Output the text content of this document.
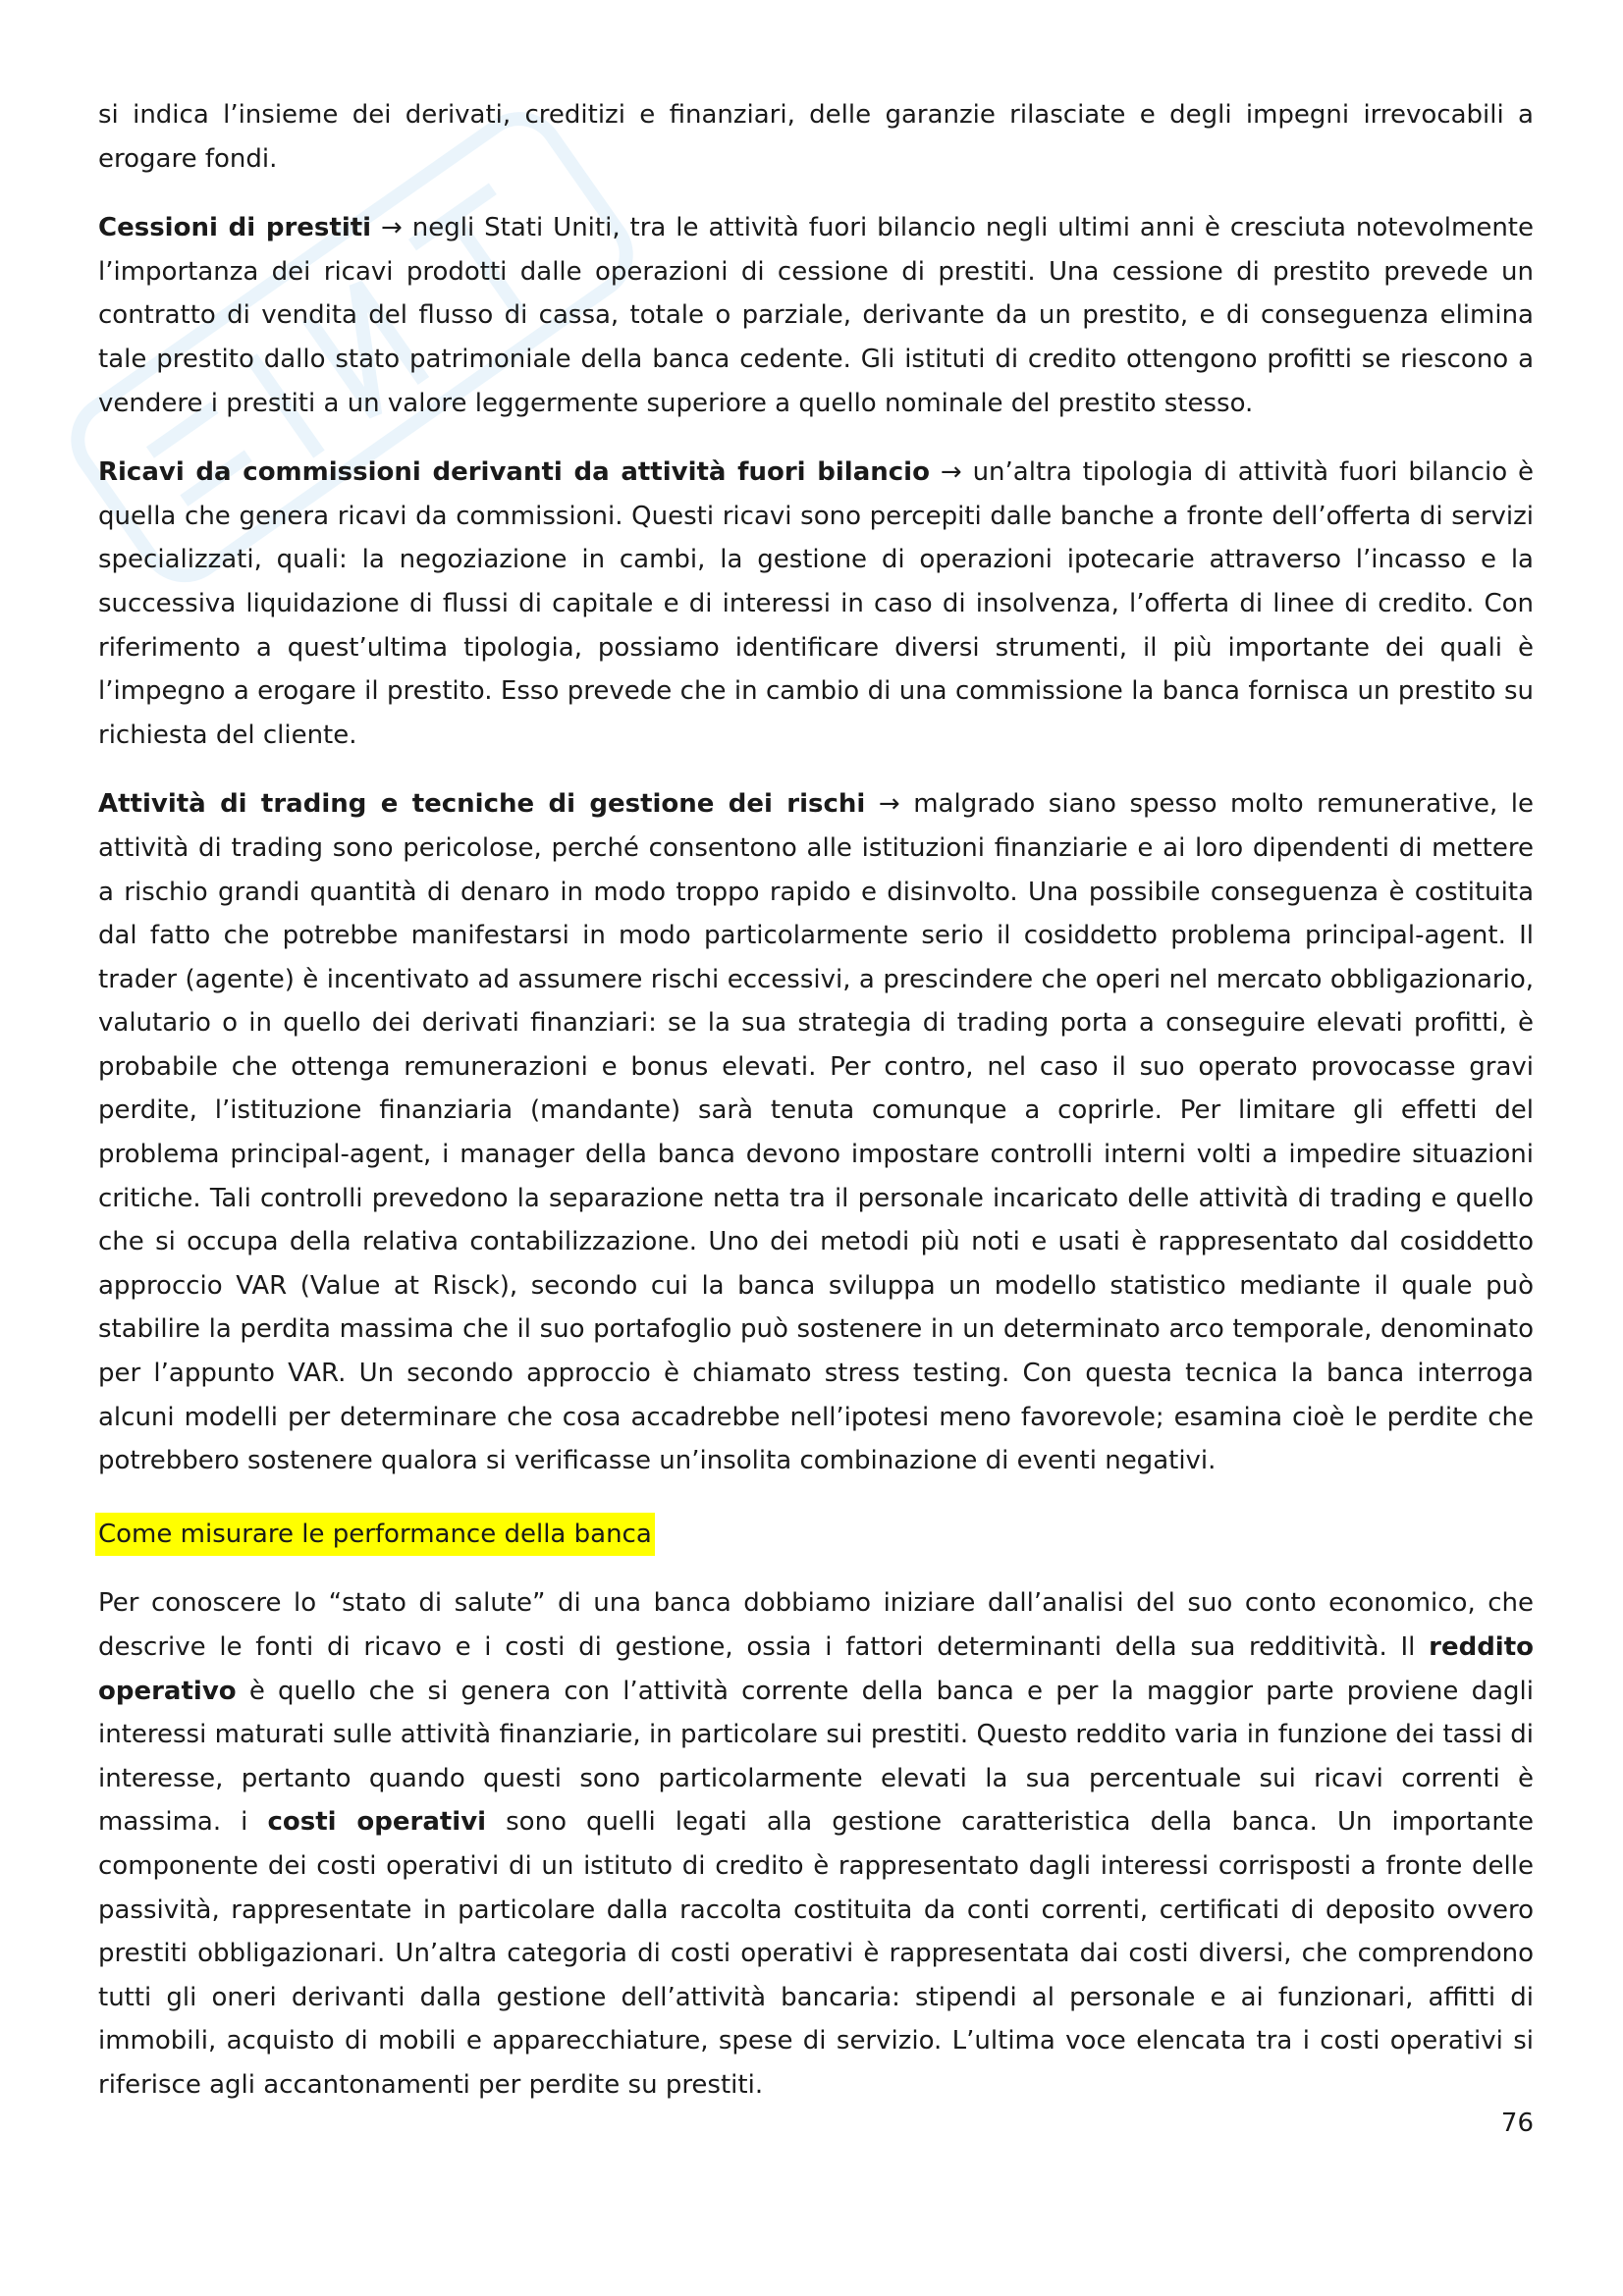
si indica l’insieme dei derivati, creditizi e finanziari, delle garanzie rilasciate e degli impegni irrevocabili a erogare fondi.

Cessioni di prestiti → negli Stati Uniti, tra le attività fuori bilancio negli ultimi anni è cresciuta notevolmente l’importanza dei ricavi prodotti dalle operazioni di cessione di prestiti. Una cessione di prestito prevede un contratto di vendita del flusso di cassa, totale o parziale, derivante da un prestito, e di conseguenza elimina tale prestito dallo stato patrimoniale della banca cedente. Gli istituti di credito ottengono profitti se riescono a vendere i prestiti a un valore leggermente superiore a quello nominale del prestito stesso.

Ricavi da commissioni derivanti da attività fuori bilancio → un’altra tipologia di attività fuori bilancio è quella che genera ricavi da commissioni. Questi ricavi sono percepiti dalle banche a fronte dell’offerta di servizi specializzati, quali: la negoziazione in cambi, la gestione di operazioni ipotecarie attraverso l’incasso e la successiva liquidazione di flussi di capitale e di interessi in caso di insolvenza, l’offerta di linee di credito. Con riferimento a quest’ultima tipologia, possiamo identificare diversi strumenti, il più importante dei quali è l’impegno a erogare il prestito. Esso prevede che in cambio di una commissione la banca fornisca un prestito su richiesta del cliente.

Attività di trading e tecniche di gestione dei rischi → malgrado siano spesso molto remunerative, le attività di trading sono pericolose, perché consentono alle istituzioni finanziarie e ai loro dipendenti di mettere a rischio grandi quantità di denaro in modo troppo rapido e disinvolto. Una possibile conseguenza è costituita dal fatto che potrebbe manifestarsi in modo particolarmente serio il cosiddetto problema principal-agent. Il trader (agente) è incentivato ad assumere rischi eccessivi, a prescindere che operi nel mercato obbligazionario, valutario o in quello dei derivati finanziari: se la sua strategia di trading porta a conseguire elevati profitti, è probabile che ottenga remunerazioni e bonus elevati. Per contro, nel caso il suo operato provocasse gravi perdite, l’istituzione finanziaria (mandante) sarà tenuta comunque a coprirle. Per limitare gli effetti del problema principal-agent, i manager della banca devono impostare controlli interni volti a impedire situazioni critiche. Tali controlli prevedono la separazione netta tra il personale incaricato delle attività di trading e quello che si occupa della relativa contabilizzazione. Uno dei metodi più noti e usati è rappresentato dal cosiddetto approccio VAR (Value at Risck), secondo cui la banca sviluppa un modello statistico mediante il quale può stabilire la perdita massima che il suo portafoglio può sostenere in un determinato arco temporale, denominato per l’appunto VAR. Un secondo approccio è chiamato stress testing. Con questa tecnica la banca interroga alcuni modelli per determinare che cosa accadrebbe nell’ipotesi meno favorevole; esamina cioè le perdite che potrebbero sostenere qualora si verificasse un’insolita combinazione di eventi negativi.

Come misurare le performance della banca

Per conoscere lo “stato di salute” di una banca dobbiamo iniziare dall’analisi del suo conto economico, che descrive le fonti di ricavo e i costi di gestione, ossia i fattori determinanti della sua redditività. Il reddito operativo è quello che si genera con l’attività corrente della banca e per la maggior parte proviene dagli interessi maturati sulle attività finanziarie, in particolare sui prestiti. Questo reddito varia in funzione dei tassi di interesse, pertanto quando questi sono particolarmente elevati la sua percentuale sui ricavi correnti è massima. i costi operativi sono quelli legati alla gestione caratteristica della banca. Un importante componente dei costi operativi di un istituto di credito è rappresentato dagli interessi corrisposti a fronte delle passività, rappresentate in particolare dalla raccolta costituita da conti correnti, certificati di deposito ovvero prestiti obbligazionari. Un’altra categoria di costi operativi è rappresentata dai costi diversi, che comprendono tutti gli oneri derivanti dalla gestione dell’attività bancaria: stipendi al personale e ai funzionari, affitti di immobili, acquisto di mobili e apparecchiature, spese di servizio. L’ultima voce elencata tra i costi operativi si riferisce agli accantonamenti per perdite su prestiti.

76
